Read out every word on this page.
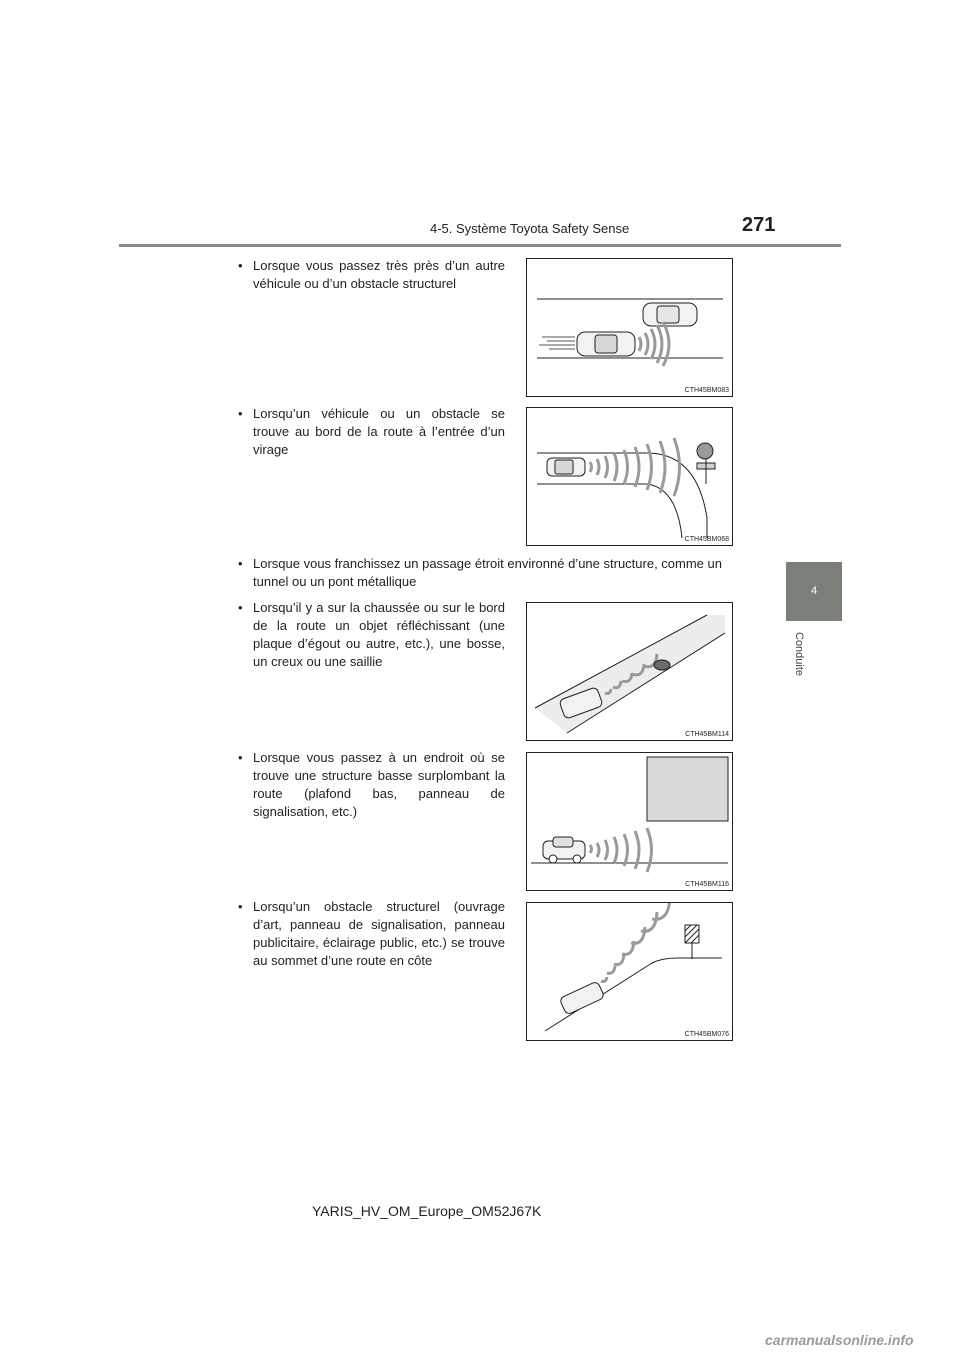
4-5. Système Toyota Safety Sense	271
4
Conduite
• Lorsque vous passez très près d’un autre véhicule ou d’un obstacle structurel
CTH45BM083
• Lorsqu’un véhicule ou un obstacle se trouve au bord de la route à l’entrée d’un virage
CTH45BM068
• Lorsque vous franchissez un passage étroit environné d’une structure, comme un tunnel ou un pont métallique
• Lorsqu’il y a sur la chaussée ou sur le bord de la route un objet réfléchissant (une plaque d’égout ou autre, etc.), une bosse, un creux ou une saillie
CTH45BM114
• Lorsque vous passez à un endroit où se trouve une structure basse surplombant la route (plafond bas, panneau de signalisation, etc.)
CTH45BM116
• Lorsqu’un obstacle structurel (ouvrage d’art, panneau de signalisation, panneau publicitaire, éclairage public, etc.) se trouve au sommet d’une route en côte
CTH45BM076
YARIS_HV_OM_Europe_OM52J67K
carmanualsonline.info
